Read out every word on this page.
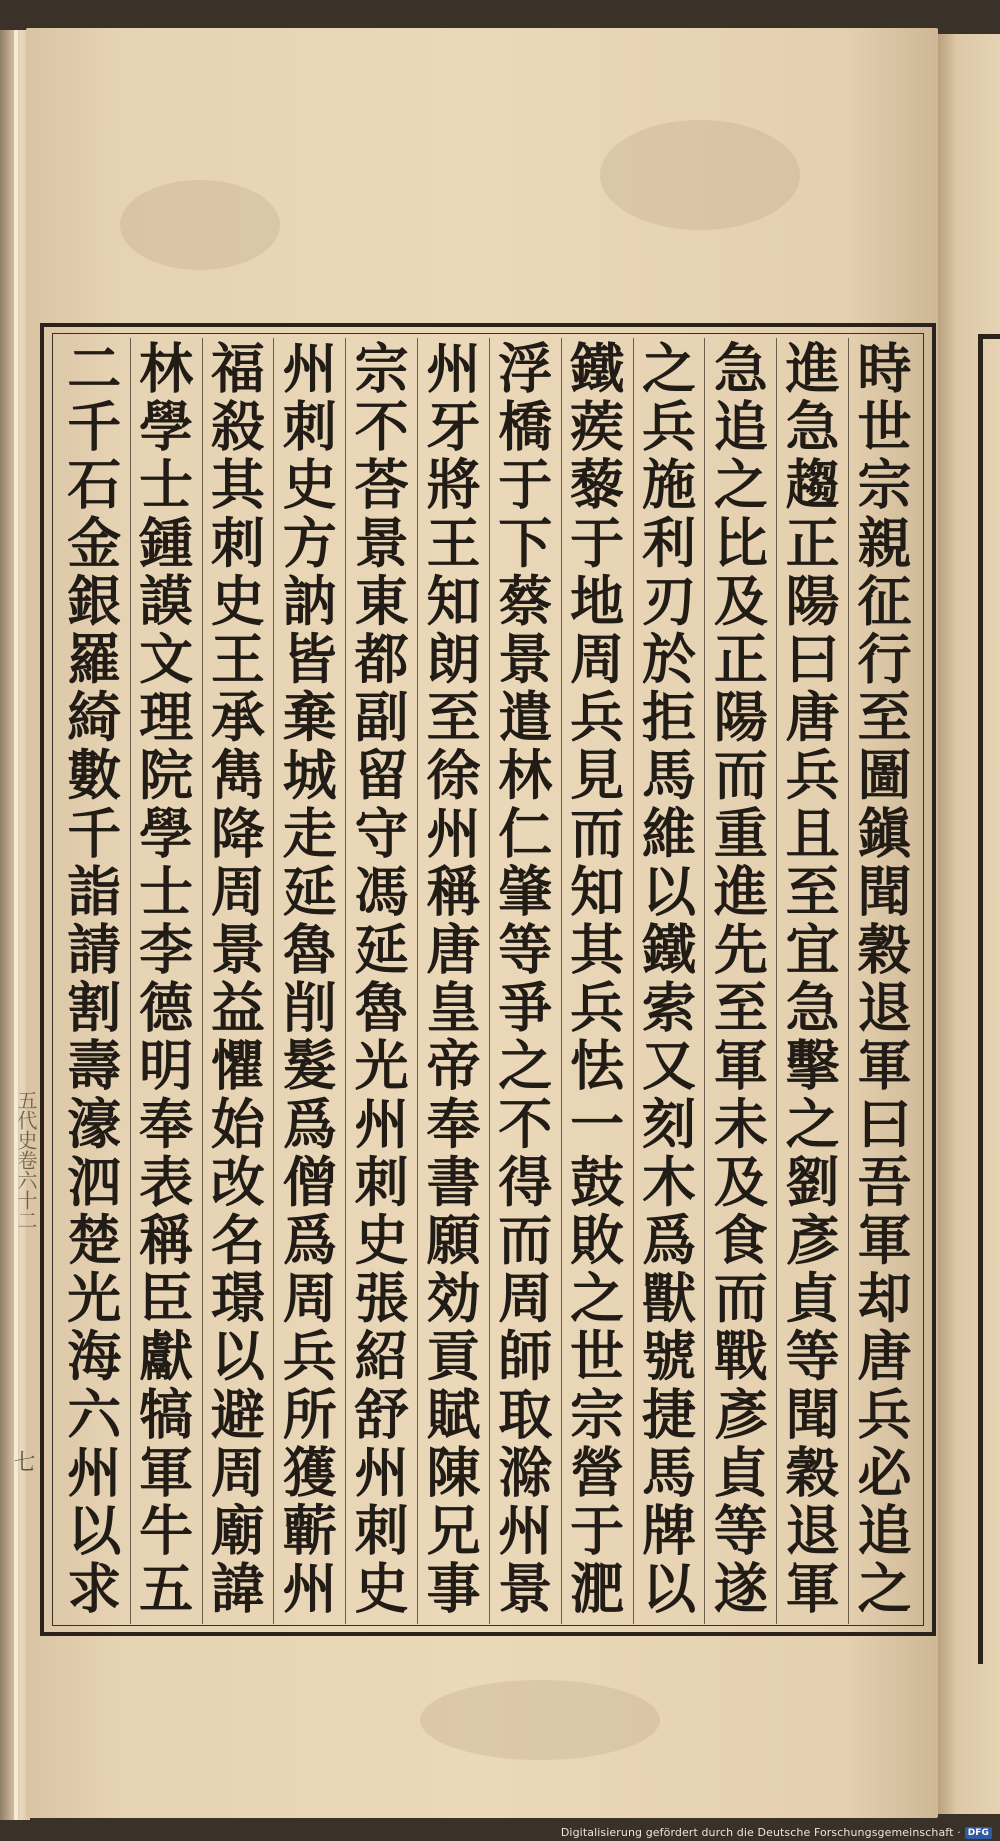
時世宗親征行至圖鎭聞穀退軍曰吾軍却唐兵必追之
進急趨正陽曰唐兵且至宜急擊之劉彥貞等聞穀退軍
急追之比及正陽而重進先至軍未及食而戰彥貞等遂
之兵施利刃於拒馬維以鐵索又刻木爲獸號捷馬牌以
鐵蒺藜于地周兵見而知其兵怯一鼓敗之世宗營于淝
浮橋于下蔡景遣林仁肇等爭之不得而周師取滁州景
州牙將王知朗至徐州稱唐皇帝奉書願効貢賦陳兄事
宗不荅景東都副留守馮延魯光州刺史張紹舒州刺史
州刺史方訥皆棄城走延魯削髮爲僧爲周兵所獲蘄州
福殺其刺史王承雋降周景益懼始改名璟以避周廟諱
林學士鍾謨文理院學士李德明奉表稱臣獻犒軍牛五
二千石金銀羅綺數千詣請割壽濠泗楚光海六州以求
五代史卷六十二
七
Digitalisierung gefördert durch die Deutsche Forschungsgemeinschaft · DFG
